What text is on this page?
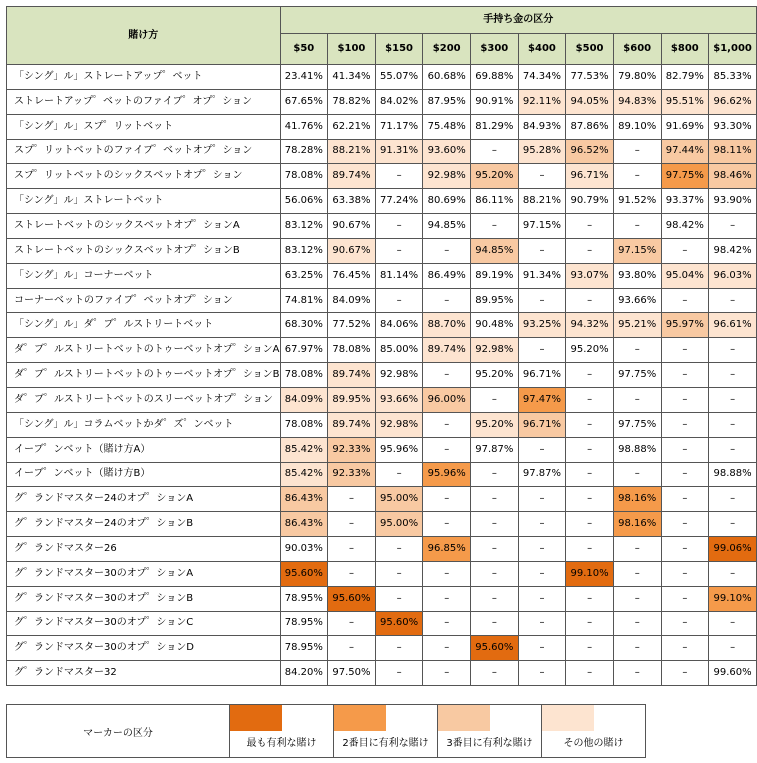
賭け方	手持ち金の区分									
	$50	$100	$150	$200	$300	$400	$500	$600	$800	$1,000
「シング」ル」ストレートアップ゜ベット	23.41%	41.34%	55.07%	60.68%	69.88%	74.34%	77.53%	79.80%	82.79%	85.33%
ストレートアップ゜ベットのファイブ゜オプ゜ション	67.65%	78.82%	84.02%	87.95%	90.91%	92.11%	94.05%	94.83%	95.51%	96.62%
「シング」ル」スプ゜リットベット	41.76%	62.21%	71.17%	75.48%	81.29%	84.93%	87.86%	89.10%	91.69%	93.30%
スプ゜リットベットのファイブ゜ベットオプ゜ション	78.28%	88.21%	91.31%	93.60%	–	95.28%	96.52%	–	97.44%	98.11%
スプ゜リットベットのシックスベットオプ゜ション	78.08%	89.74%	–	92.98%	95.20%	–	96.71%	–	97.75%	98.46%
「シング」ル」ストレートベット	56.06%	63.38%	77.24%	80.69%	86.11%	88.21%	90.79%	91.52%	93.37%	93.90%
ストレートベットのシックスベットオプ゜ションA	83.12%	90.67%	–	94.85%	–	97.15%	–	–	98.42%	–
ストレートベットのシックスベットオプ゜ションB	83.12%	90.67%	–	–	94.85%	–	–	97.15%	–	98.42%
「シング」ル」コーナーベット	63.25%	76.45%	81.14%	86.49%	89.19%	91.34%	93.07%	93.80%	95.04%	96.03%
コーナーベットのファイブ゜ベットオプ゜ション	74.81%	84.09%	–	–	89.95%	–	–	93.66%	–	–
「シング」ル」ダ゜ブ゜ルストリートベット	68.30%	77.52%	84.06%	88.70%	90.48%	93.25%	94.32%	95.21%	95.97%	96.61%
ダ゜ブ゜ルストリートベットのトゥーベットオプ゜ションA	67.97%	78.08%	85.00%	89.74%	92.98%	–	95.20%	–	–	–
ダ゜ブ゜ルストリートベットのトゥーベットオプ゜ションB	78.08%	89.74%	92.98%	–	95.20%	96.71%	–	97.75%	–	–
ダ゜ブ゜ルストリートベットのスリーベットオプ゜ション	84.09%	89.95%	93.66%	96.00%	–	97.47%	–	–	–	–
「シング」ル」コラムベットかダ゜ズ゜ンベット	78.08%	89.74%	92.98%	–	95.20%	96.71%	–	97.75%	–	–
イーブ゜ンベット（賭け方A）	85.42%	92.33%	95.96%	–	97.87%	–	–	98.88%	–	–
イーブ゜ンベット（賭け方B）	85.42%	92.33%	–	95.96%	–	97.87%	–	–	–	98.88%
グ゜ランドマスター24のオプ゜ションA	86.43%	–	95.00%	–	–	–	–	98.16%	–	–
グ゜ランドマスター24のオプ゜ションB	86.43%	–	95.00%	–	–	–	–	98.16%	–	–
グ゜ランドマスター26	90.03%	–	–	96.85%	–	–	–	–	–	99.06%
グ゜ランドマスター30のオプ゜ションA	95.60%	–	–	–	–	–	99.10%	–	–	–
グ゜ランドマスター30のオプ゜ションB	78.95%	95.60%	–	–	–	–	–	–	–	99.10%
グ゜ランドマスター30のオプ゜ションC	78.95%	–	95.60%	–	–	–	–	–	–	–
グ゜ランドマスター30のオプ゜ションD	78.95%	–	–	–	95.60%	–	–	–	–	–
グ゜ランドマスター32	84.20%	97.50%	–	–	–	–	–	–	–	99.60%
マーカーの区分	
最も有利な賭け	2番目に有利な賭け	3番目に有利な賭け	その他の賭け
